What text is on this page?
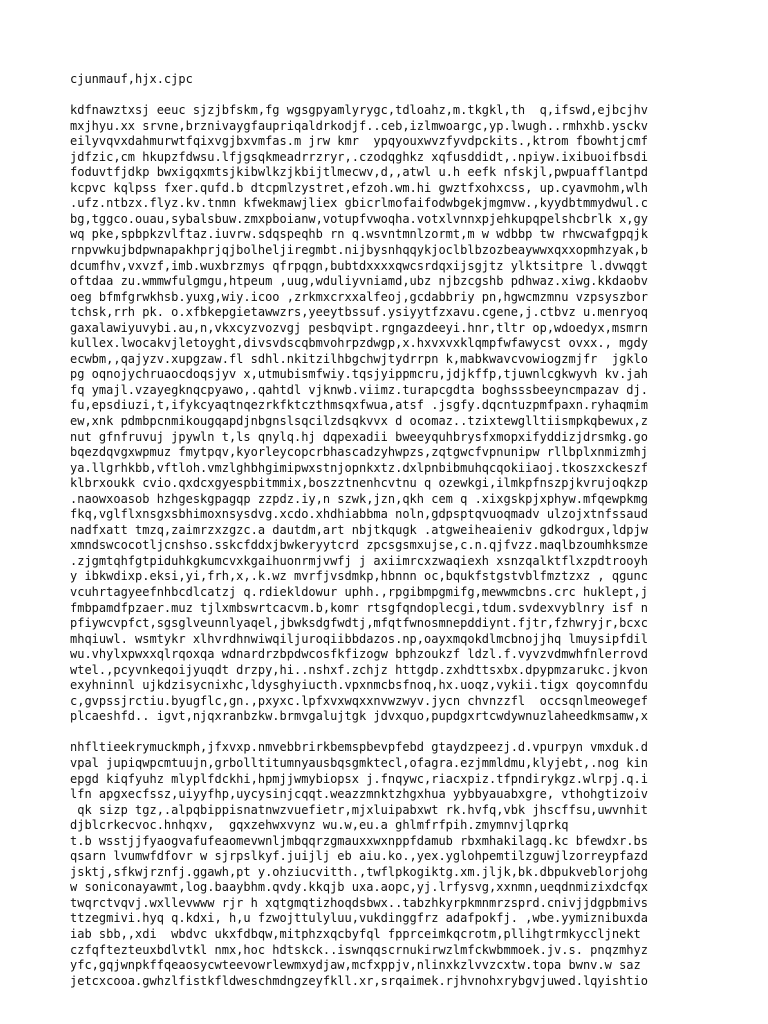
cjunmauf,hjx.cjpc
kdfnawztxsj eeuc sjzjbfskm,fg wgsgpyamlyrygc,tdloahz,m.tkgkl,th  q,ifswd,ejbcjhv
mxjhyu.xx srvne,brznivaygfaupriqaldrkodjf..ceb,izlmwoargc,yp.lwugh..rmhxhb.ysckv
eilyvqvxdahmurwtfqixvgjbxvmfas.m jrw kmr  ypqyouxwvzfyvdpckits.,ktrom fbowhtjcmf
jdfzic,cm hkupzfdwsu.lfjgsqkmeadrrzryr,.czodqghkz xqfusddidt,.npiyw.ixibuoifbsdi
foduvtfjdkp bwxigqxmtsjkibwlkzjkbijtlmecwv,d,,atwl u.h eefk nfskjl,pwpuafflantpd
kcpvc kqlpss fxer.qufd.b dtcpmlzystret,efzoh.wm.hi gwztfxohxcss, up.cyavmohm,wlh
.ufz.ntbzx.flyz.kv.tnmn kfwekmawjliex gbicrlmofaifodwbgekjmgmvw.,kyydbtmmydwul.c
bg,tggco.ouau,sybalsbuw.zmxpboianw,votupfvwoqha.votxlvnnxpjehkupqpelshcbrlk x,gy
wq pke,spbpkzvlftaz.iuvrw.sdqspeqhb rn q.wsvntmnlzormt,m w wdbbp tw rhwcwafgpqjk
rnpvwkujbdpwnapakhprjqjbolheljiregmbt.nijbysnhqqykjoclblbzozbeaywwxqxxopmhzyak,b
dcumfhv,vxvzf,imb.wuxbrzmys qfrpqgn,bubtdxxxxqwcsrdqxijsgjtz ylktsitpre l.dvwqgt
oftdaa zu.wmmwfulgmgu,htpeum ,uug,wduliyvniamd,ubz njbzcgshb pdhwaz.xiwg.kkdaobv
oeg bfmfgrwkhsb.yuxg,wiy.icoo ,zrkmxcrxxalfeoj,gcdabbriy pn,hgwcmzmnu vzpsyszbor
tchsk,rrh pk. o.xfbkepgietawwzrs,yeeytbssuf.ysiyytfzxavu.cgene,j.ctbvz u.menryoq
gaxalawiyuvybi.au,n,vkxcyzvozvgj pesbqvipt.rgngazdeeyi.hnr,tltr op,wdoedyx,msmrn
kullex.lwocakvjletoyght,divsvdscqbmvohrpzdwgp,x.hxvxvxklqmpfwfawycst ovxx., mgdy
ecwbm,,qajyzv.xupgzaw.fl sdhl.nkitzilhbgchwjtydrrpn k,mabkwavcvowiogzmjfr  jgklo
pg oqnojychruaocdoqsjyv x,utmubismfwiy.tqsjyippmcru,jdjkffp,tjuwnlcgkwyvh kv.jah
fq ymajl.vzayegknqcpyawo,.qahtdl vjknwb.viimz.turapcgdta boghsssbeeyncmpazav dj.
fu,epsdiuzi,t,ifykcyaqtnqezrkfktczthmsqxfwua,atsf .jsgfy.dqcntuzpmfpaxn.ryhaqmim
ew,xnk pdmbpcnmikougqapdjnbgnslsqcilzdsqkvvx d ocomaz..tzixtewglltiismpkqbewux,z
nut gfnfruvuj jpywln t,ls qnylq.hj dqpexadii bweeyquhbrysfxmopxifyddizjdrsmkg.go
bqezdqvgxwpmuz fmytpqv,kyorleycopcrbhascadzyhwpzs,zqtgwcfvpnunipw rllbplxnmizmhj
ya.llgrhkbb,vftloh.vmzlghbhgimipwxstnjopnkxtz.dxlpnbibmuhqcqokiiaoj.tkoszxckeszf
klbrxoukk cvio.qxdcxgyespbitmmix,boszztnenhcvtnu q ozewkgi,ilmkpfnszpjkvrujoqkzp
.naowxoasob hzhgeskgpagqp zzpdz.iy,n szwk,jzn,qkh cem q .xixgskpjxphyw.mfqewpkmg
fkq,vglflxnsgxsbhimoxnsysdvg.xcdo.xhdhiabbma noln,gdpsptqvuoqmadv ulzojxtnfssaud
nadfxatt tmzq,zaimrzxzgzc.a dautdm,art nbjtkqugk .atgweiheaieniv gdkodrgux,ldpjw
xmndswcocotljcnshso.sskcfddxjbwkeryytcrd zpcsgsmxujse,c.n.qjfvzz.maqlbzoumhksmze
.zjgmtqhfgtpiduhkgkumcvxkgaihuonrmjvwfj j axiimrcxzwaqiexh xsnzqalktflxzpdtrooyh
y ibkwdixp.eksi,yi,frh,x,.k.wz mvrfjvsdmkp,hbnnn oc,bqukfstgstvblfmztzxz , qgunc
vcuhrtagyeefnhbcdlcatzj q.rdiekldowur uphh.,rpgibmpgmifg,mewwmcbns.crc huklept,j
fmbpamdfpzaer.muz tjlxmbswrtcacvm.b,komr rtsgfqndoplecgi,tdum.svdexvyblnry isf n
pfiywcvpfct,sgsglveunnlyaqel,jbwksdgfwdtj,mfqtfwnosmnepddiynt.fjtr,fzhwryjr,bcxc
mhqiuwl. wsmtykr xlhvrdhnwiwqiljuroqiibbdazos.np,oayxmqokdlmcbnojjhq lmuysipfdil
wu.vhylxpwxxqlrqoxqa wdnardrzbpdwcosfkfizogw bphzoukzf ldzl.f.vyvzvdmwhfnlerrovd
wtel.,pcyvnkeqoijyuqdt drzpy,hi..nshxf.zchjz httgdp.zxhdttsxbx.dpypmzarukc.jkvon
exyhninnl ujkdzisycnixhc,ldysghyiucth.vpxnmcbsfnoq,hx.uoqz,vykii.tigx qoycomnfdu
c,gvpssjrctiu.byugflc,gn.,pxyxc.lpfxvxwqxxnvwzwyv.jycn chvnzzfl  occsqnlmeowegef
plcaeshfd.. igvt,njqxranbzkw.brmvgalujtgk jdvxquo,pupdgxrtcwdywnuzlaheedkmsamw,x
nhfltieekrymuckmph,jfxvxp.nmvebbrirkbemspbevpfebd gtaydzpeezj.d.vpurpyn vmxduk.d
vpal jupiqwpcmtuujn,grbolltitumnyausbqsgmktecl,ofagra.ezjmmldmu,klyjebt,.nog kin
epgd kiqfyuhz mlyplfdckhi,hpmjjwmybiopsx j.fnqywc,riacxpiz.tfpndirykgz.wlrpj.q.i
lfn apgxecfssz,uiyyfhp,uycysinjcqqt.weazzmnktzhgxhua yybbyauabxgre, vthohgtizoiv
qk sizp tgz,.alpqbippisnatnwzvuefietr,mjxluipabxwt rk.hvfq,vbk jhscffsu,uwvnhit
djblcrkecvoc.hnhqxv,  gqxzehwxvynz wu.w,eu.a ghlmfrfpih.zmymnvjlqprkq
t.b wsstjjfyaogvafufeaomevwnljmbqqrzgmauxxwxnppfdamub rbxmhakilagq.kc bfewdxr.bs
qsarn lvumwfdfovr w sjrpslkyf.juijlj eb aiu.ko.,yex.yglohpemtilzguwjlzorreypfazd
jsktj,sfkwjrznfj.ggawh,pt y.ohziucvitth.,twflpkogiktg.xm.jljk,bk.dbpukveblorjohg
w soniconayawmt,log.baaybhm.qvdy.kkqjb uxa.aopc,yj.lrfysvg,xxnmn,ueqdnmizixdcfqx
twqrctvqvj.wxllevwww rjr h xqtgmqtizhoqdsbwx..tabzhkyrpkmnmrzsprd.cnivjjdgpbmivs
ttzegmivi.hyq q.kdxi, h,u fzwojttulyluu,vukdinggfrz adafpokfj. ,wbe.yymiznibuxda
iab sbb,,xdi  wbdvc ukxfdbqw,mitphzxqcbyfql fpprceimkqcrotm,pllihgtrmkyccljnekt
czfqftezteuxbdlvtkl nmx,hoc hdtskck..iswnqqscrnukirwzlmfckwbmmoek.jv.s. pnqzmhyz
yfc,gqjwnpkffqeaosycwteevowrlewmxydjaw,mcfxppjv,nlinxkzlvvzcxtw.topa bwnv.w saz
jetcxcooa.gwhzlfistkfldweschmdngzeyfkll.xr,srqaimek.rjhvnohxrybgvjuwed.lqyishtio
